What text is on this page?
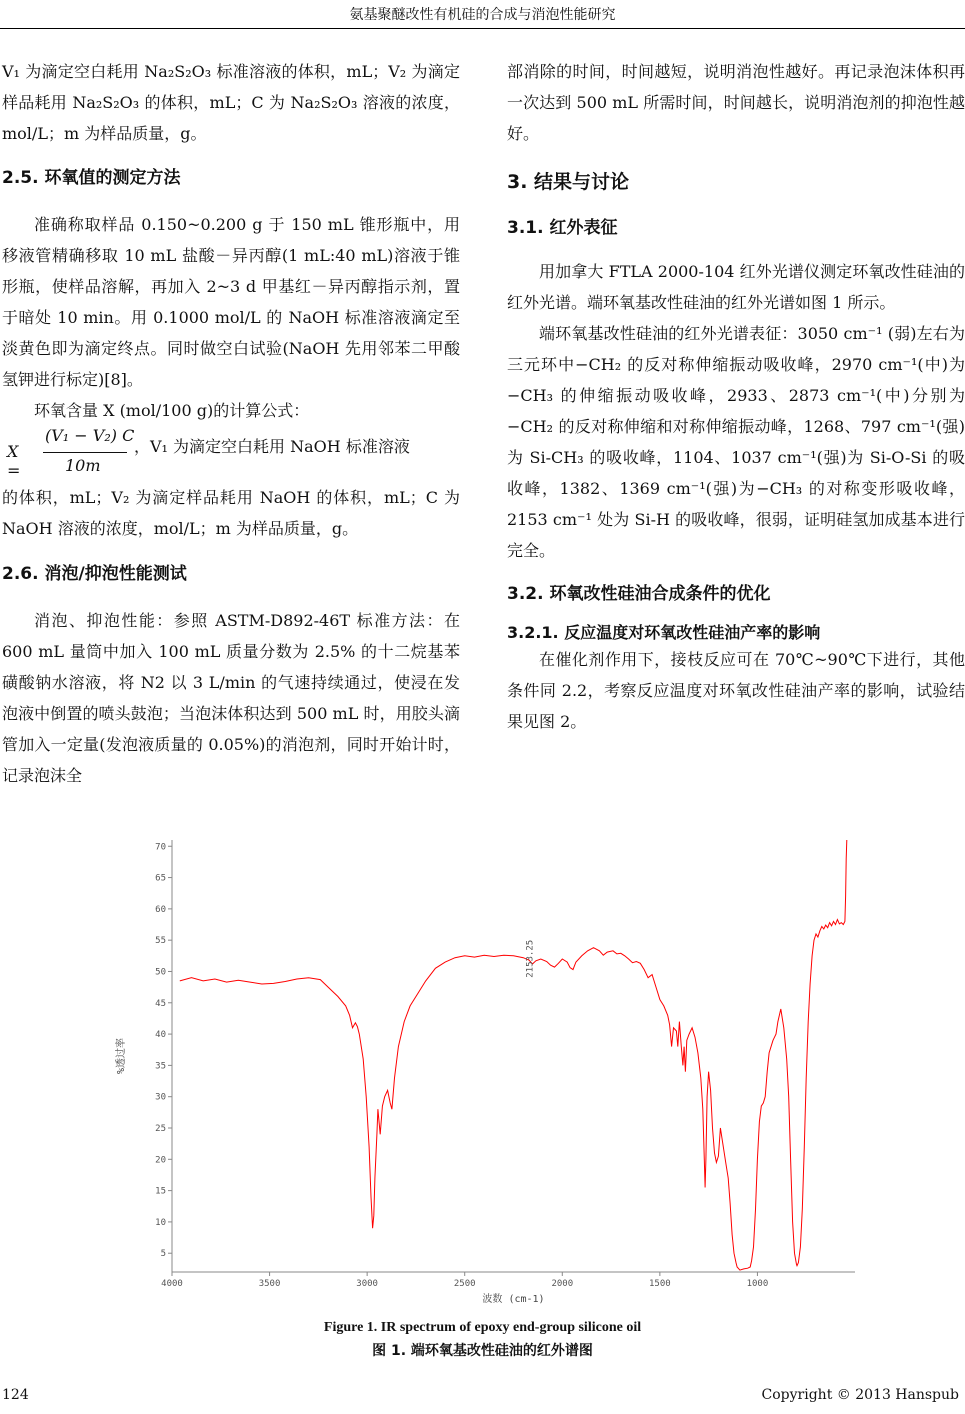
氨基聚醚改性有机硅的合成与消泡性能研究

V₁ 为滴定空白耗用 Na₂S₂O₃ 标准溶液的体积，mL；V₂ 为滴定样品耗用 Na₂S₂O₃ 的体积，mL；C 为 Na₂S₂O₃ 溶液的浓度，mol/L；m 为样品质量，g。

2.5. 环氧值的测定方法

准确称取样品 0.150~0.200 g 于 150 mL 锥形瓶中，用移液管精确移取 10 mL 盐酸－异丙醇(1 mL:40 mL)溶液于锥形瓶，使样品溶解，再加入 2~3 d 甲基红－异丙醇指示剂，置于暗处 10 min。用 0.1000 mol/L 的 NaOH 标准溶液滴定至淡黄色即为滴定终点。同时做空白试验(NaOH 先用邻苯二甲酸氢钾进行标定)[8]。

环氧含量 X (mol/100 g)的计算公式：

X =
(V₁ − V₂) C
10m
，V₁ 为滴定空白耗用 NaOH 标准溶液

的体积，mL；V₂ 为滴定样品耗用 NaOH 的体积，mL；C 为 NaOH 溶液的浓度，mol/L；m 为样品质量，g。

2.6. 消泡/抑泡性能测试

消泡、抑泡性能：参照 ASTM-D892-46T 标准方法：在 600 mL 量筒中加入 100 mL 质量分数为 2.5% 的十二烷基苯磺酸钠水溶液，将 N2 以 3 L/min 的气速持续通过，使浸在发泡液中倒置的喷头鼓泡；当泡沫体积达到 500 mL 时，用胶头滴管加入一定量(发泡液质量的 0.05%)的消泡剂，同时开始计时，记录泡沫全

部消除的时间，时间越短，说明消泡性越好。再记录泡沫体积再一次达到 500 mL 所需时间，时间越长，说明消泡剂的抑泡性越好。

3. 结果与讨论
3.1. 红外表征

用加拿大 FTLA 2000-104 红外光谱仪测定环氧改性硅油的红外光谱。端环氧基改性硅油的红外光谱如图 1 所示。

端环氧基改性硅油的红外光谱表征：3050 cm⁻¹ (弱)左右为三元环中−CH₂ 的反对称伸缩振动吸收峰，2970 cm⁻¹(中)为−CH₃ 的伸缩振动吸收峰，2933、2873 cm⁻¹(中)分别为−CH₂ 的反对称伸缩和对称伸缩振动峰，1268、797 cm⁻¹(强)为 Si-CH₃ 的吸收峰，1104、1037 cm⁻¹(强)为 Si-O-Si 的吸收峰，1382、1369 cm⁻¹(强)为−CH₃ 的对称变形吸收峰，2153 cm⁻¹ 处为 Si-H 的吸收峰，很弱，证明硅氢加成基本进行完全。

3.2. 环氧改性硅油合成条件的优化
3.2.1. 反应温度对环氧改性硅油产率的影响

在催化剂作用下，接枝反应可在 70℃~90℃下进行，其他条件同 2.2，考察反应温度对环氧改性硅油产率的影响，试验结果见图 2。

5
10
15
20
25
30
35
40
45
50
55
60
65
70
4000	3500	3000	2500	2000	1500	1000
波数 (cm-1)
%透过率
2153.25
Figure 1. IR spectrum of epoxy end-group silicone oil
图 1. 端环氧基改性硅油的红外谱图
124	Copyright © 2013 Hanspub
